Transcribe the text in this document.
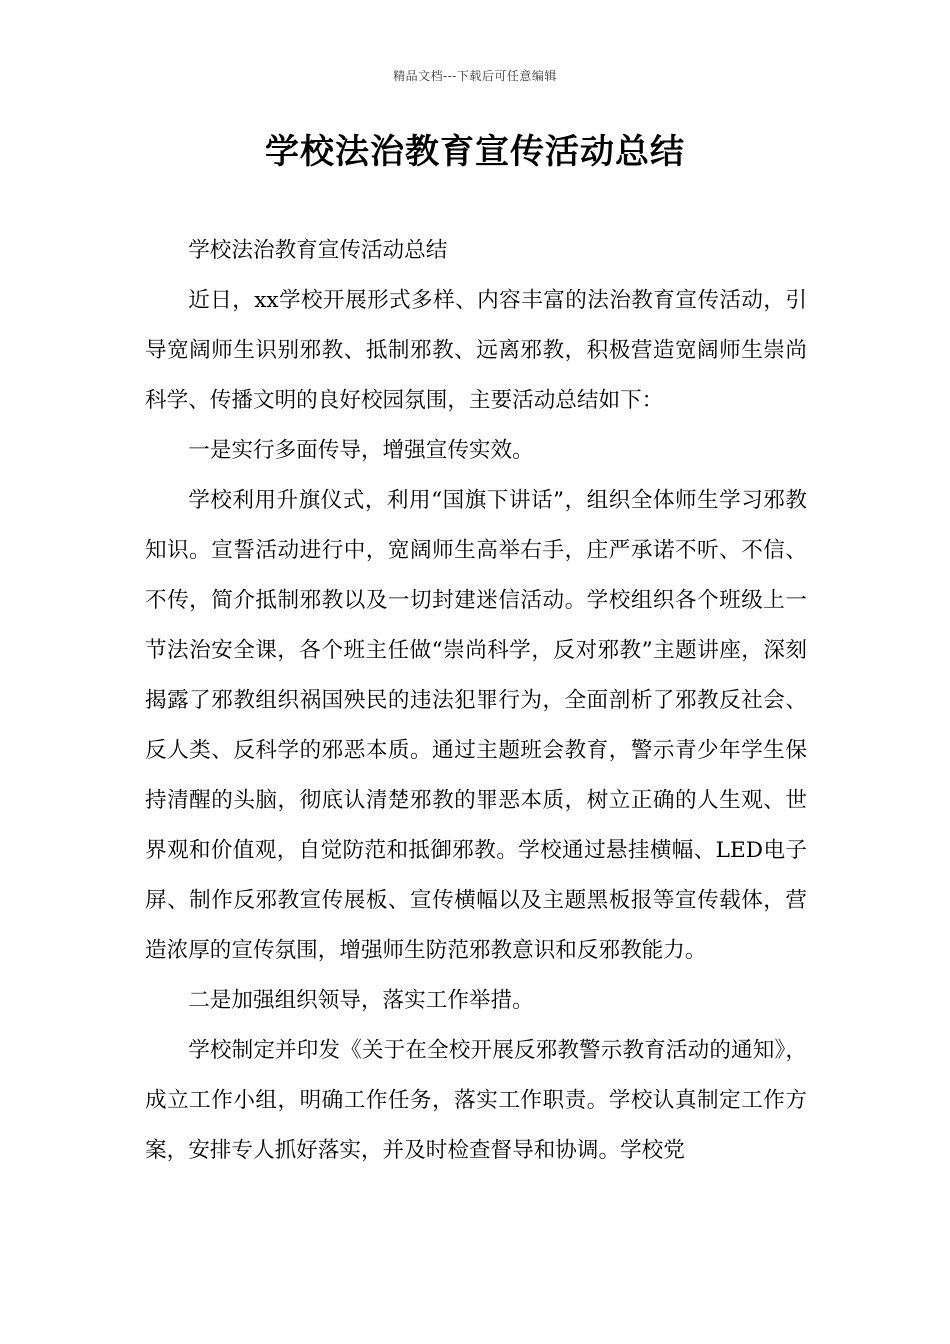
精品文档---下载后可任意编辑
学校法治教育宣传活动总结

学校法治教育宣传活动总结

近日，xx学校开展形式多样、内容丰富的法治教育宣传活动，引导宽阔师生识别邪教、抵制邪教、远离邪教，积极营造宽阔师生崇尚科学、传播文明的良好校园氛围，主要活动总结如下：

一是实行多面传导，增强宣传实效。

学校利用升旗仪式，利用“国旗下讲话”，组织全体师生学习邪教知识。宣誓活动进行中，宽阔师生高举右手，庄严承诺不听、不信、不传，简介抵制邪教以及一切封建迷信活动。学校组织各个班级上一节法治安全课，各个班主任做“崇尚科学，反对邪教”主题讲座，深刻揭露了邪教组织祸国殃民的违法犯罪行为，全面剖析了邪教反社会、反人类、反科学的邪恶本质。通过主题班会教育，警示青少年学生保持清醒的头脑，彻底认清楚邪教的罪恶本质，树立正确的人生观、世界观和价值观，自觉防范和抵御邪教。学校通过悬挂横幅、LED电子屏、制作反邪教宣传展板、宣传横幅以及主题黑板报等宣传载体，营造浓厚的宣传氛围，增强师生防范邪教意识和反邪教能力。

二是加强组织领导，落实工作举措。

学校制定并印发《关于在全校开展反邪教警示教育活动的通知》，成立工作小组，明确工作任务，落实工作职责。学校认真制定工作方案，安排专人抓好落实，并及时检查督导和协调。学校党
